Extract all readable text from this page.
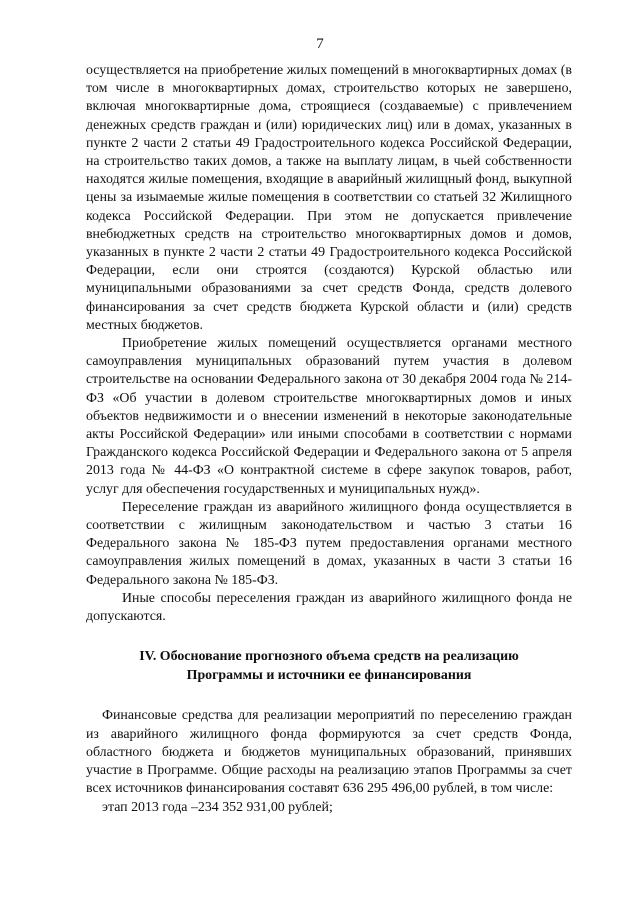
7

осуществляется на приобретение жилых помещений в многоквартирных домах (в том числе в многоквартирных домах, строительство которых не завершено, включая многоквартирные дома, строящиеся (создаваемые) с привлечением денежных средств граждан и (или) юридических лиц) или в домах, указанных в пункте 2 части 2 статьи 49 Градостроительного кодекса Российской Федерации, на строительство таких домов, а также на выплату лицам, в чьей собственности находятся жилые помещения, входящие в аварийный жилищный фонд, выкупной цены за изымаемые жилые помещения в соответствии со статьей 32 Жилищного кодекса Российской Федерации. При этом не допускается привлечение внебюджетных средств на строительство многоквартирных домов и домов, указанных в пункте 2 части 2 статьи 49 Градостроительного кодекса Российской Федерации, если они строятся (создаются) Курской областью или муниципальными образованиями за счет средств Фонда, средств долевого финансирования за счет средств бюджета Курской области и (или) средств местных бюджетов.

Приобретение жилых помещений осуществляется органами местного самоуправления муниципальных образований путем участия в долевом строительстве на основании Федерального закона от 30 декабря 2004 года № 214-ФЗ «Об участии в долевом строительстве многоквартирных домов и иных объектов недвижимости и о внесении изменений в некоторые законодательные акты Российской Федерации» или иными способами в соответствии с нормами Гражданского кодекса Российской Федерации и Федерального закона от 5 апреля 2013 года № 44-ФЗ «О контрактной системе в сфере закупок товаров, работ, услуг для обеспечения государственных и муниципальных нужд».

Переселение граждан из аварийного жилищного фонда осуществляется в соответствии с жилищным законодательством и частью 3 статьи 16 Федерального закона № 185-ФЗ путем предоставления органами местного самоуправления жилых помещений в домах, указанных в части 3 статьи 16 Федерального закона № 185-ФЗ.

Иные способы переселения граждан из аварийного жилищного фонда не допускаются.

IV. Обоснование прогнозного объема средств на реализацию
Программы и источники ее финансирования

Финансовые средства для реализации мероприятий по переселению граждан из аварийного жилищного фонда формируются за счет средств Фонда, областного бюджета и бюджетов муниципальных образований, принявших участие в Программе. Общие расходы на реализацию этапов Программы за счет всех источников финансирования составят 636 295 496,00 рублей, в том числе:

этап 2013 года –234 352 931,00 рублей;
